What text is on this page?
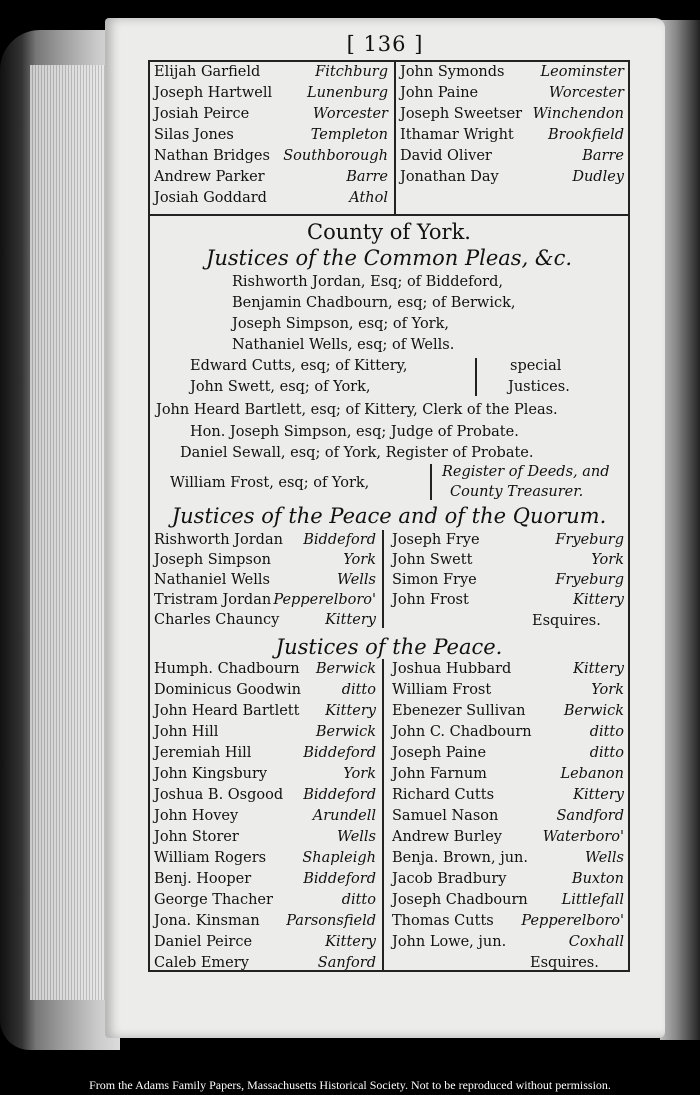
[ 136 ]
Elijah Garfield	Fitchburg
Joseph Hartwell Lunenburg
Josiah Peirce	Worcester
Silas Jones	Templeton
Nathan Bridges Southborough
Andrew Parker	Barre
Josiah Goddard	Athol
John Symonds Leominster
John Paine	Worcester
Joseph Sweetser Winchendon
Ithamar Wright Brookfield
David Oliver	Barre
Jonathan Day	Dudley
County of York.
Justices of the Common Pleas, &c.
Rishworth Jordan, Esq; of Biddeford,
Benjamin Chadbourn, esq; of Berwick,
Joseph Simpson, esq; of York,
Nathaniel Wells, esq; of Wells.
Edward Cutts, esq; of Kittery,
John Swett, esq; of York,
special
Justices.
John Heard Bartlett, esq; of Kittery, Clerk of the Pleas.
Hon. Joseph Simpson, esq; Judge of Probate.
Daniel Sewall, esq; of York, Register of Probate.
William Frost, esq; of York,
Register of Deeds, and
County Treasurer.
Justices of the Peace and of the Quorum.
Rishworth Jordan Biddeford
Joseph Simpson	York
Nathaniel Wells	Wells
Tristram Jordan Pepperelboro'
Charles Chauncy	Kittery
Joseph Frye	Fryeburg
John Swett	York
Simon Frye	Fryeburg
John Frost	Kittery
Esquires.
Justices of the Peace.
Humph. Chadbourn Berwick
Dominicus Goodwin	ditto
John Heard Bartlett Kittery
John Hill	Berwick
Jeremiah Hill	Biddeford
John Kingsbury	York
Joshua B. Osgood Biddeford
John Hovey	Arundell
John Storer	Wells
William Rogers Shapleigh
Benj. Hooper	Biddeford
George Thacher	ditto
Jona. Kinsman Parsonsfield
Daniel Peirce	Kittery
Caleb Emery	Sanford
Joshua Hubbard	Kittery
William Frost	York
Ebenezer Sullivan	Berwick
John C. Chadbourn	ditto
Joseph Paine	ditto
John Farnum	Lebanon
Richard Cutts	Kittery
Samuel Nason	Sandford
Andrew Burley	Waterboro'
Benja. Brown, jun.	Wells
Jacob Bradbury	Buxton
Joseph Chadbourn Littlefall
Thomas Cutts Pepperelboro'
John Lowe, jun.	Coxhall
Esquires.
From the Adams Family Papers, Massachusetts Historical Society. Not to be reproduced without permission.
